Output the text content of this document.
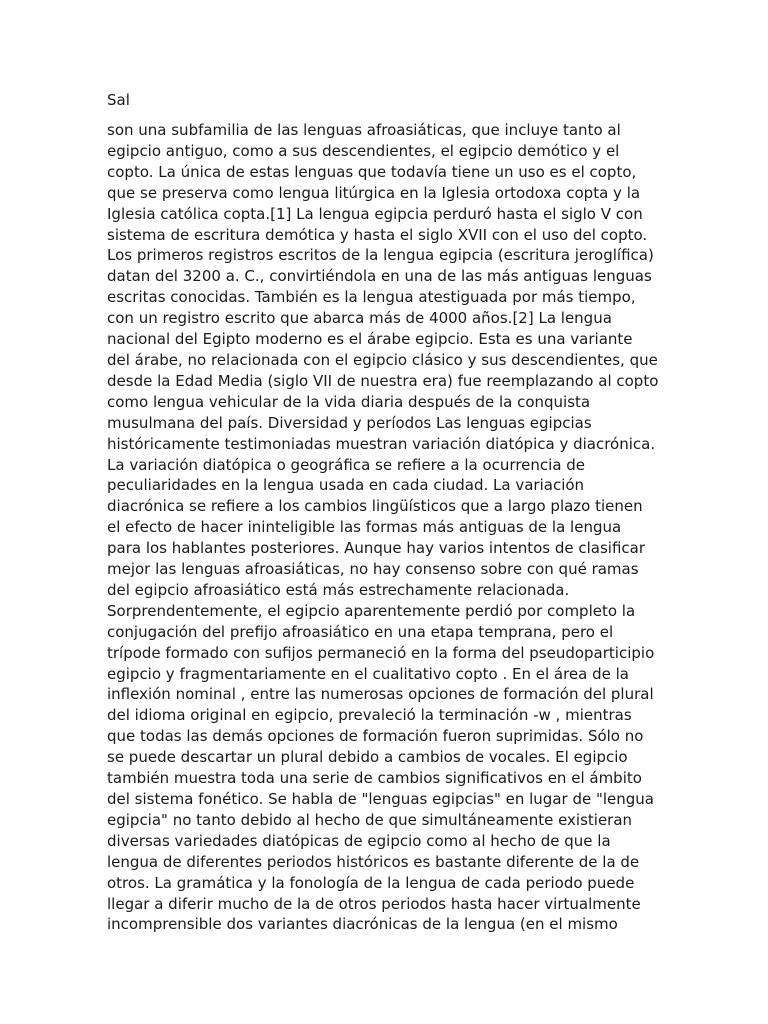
Sal
son una subfamilia de las lenguas afroasiáticas, que incluye tanto al
egipcio antiguo, como a sus descendientes, el egipcio demótico y el
copto. La única de estas lenguas que todavía tiene un uso es el copto,
que se preserva como lengua litúrgica en la Iglesia ortodoxa copta y la
Iglesia católica copta.[1] La lengua egipcia perduró hasta el siglo V con
sistema de escritura demótica y hasta el siglo XVII con el uso del copto.
Los primeros registros escritos de la lengua egipcia (escritura jeroglífica)
datan del 3200 a. C., convirtiéndola en una de las más antiguas lenguas
escritas conocidas. También es la lengua atestiguada por más tiempo,
con un registro escrito que abarca más de 4000 años.[2] La lengua
nacional del Egipto moderno es el árabe egipcio. Esta es una variante
del árabe, no relacionada con el egipcio clásico y sus descendientes, que
desde la Edad Media (siglo VII de nuestra era) fue reemplazando al copto
como lengua vehicular de la vida diaria después de la conquista
musulmana del país. Diversidad y períodos Las lenguas egipcias
históricamente testimoniadas muestran variación diatópica y diacrónica.
La variación diatópica o geográfica se refiere a la ocurrencia de
peculiaridades en la lengua usada en cada ciudad. La variación
diacrónica se refiere a los cambios lingüísticos que a largo plazo tienen
el efecto de hacer ininteligible las formas más antiguas de la lengua
para los hablantes posteriores. Aunque hay varios intentos de clasificar
mejor las lenguas afroasiáticas, no hay consenso sobre con qué ramas
del egipcio afroasiático está más estrechamente relacionada.
Sorprendentemente, el egipcio aparentemente perdió por completo la
conjugación del prefijo afroasiático en una etapa temprana, pero el
trípode formado con sufijos permaneció en la forma del pseudoparticipio
egipcio y fragmentariamente en el cualitativo copto . En el área de la
inflexión nominal , entre las numerosas opciones de formación del plural
del idioma original en egipcio, prevaleció la terminación -w , mientras
que todas las demás opciones de formación fueron suprimidas. Sólo no
se puede descartar un plural debido a cambios de vocales. El egipcio
también muestra toda una serie de cambios significativos en el ámbito
del sistema fonético. Se habla de "lenguas egipcias" en lugar de "lengua
egipcia" no tanto debido al hecho de que simultáneamente existieran
diversas variedades diatópicas de egipcio como al hecho de que la
lengua de diferentes periodos históricos es bastante diferente de la de
otros. La gramática y la fonología de la lengua de cada periodo puede
llegar a diferir mucho de la de otros periodos hasta hacer virtualmente
incomprensible dos variantes diacrónicas de la lengua (en el mismo
